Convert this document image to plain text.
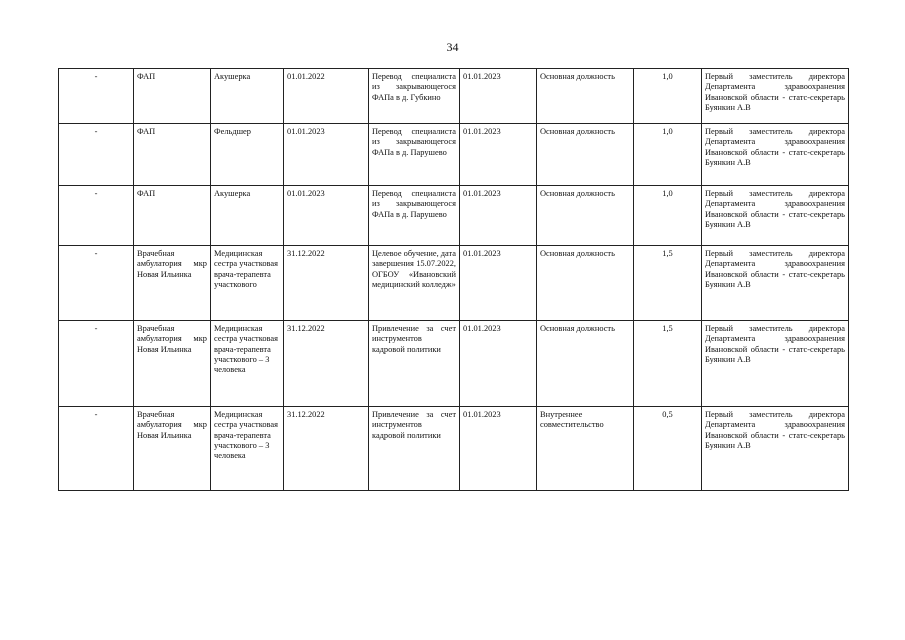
34
-	ФАП	Акушерка	01.01.2022	Перевод специалиста из закрывающегося ФАПа в д. Губкино	01.01.2023	Основная должность	1,0	Первый заместитель директора Департамента здравоохранения Ивановской области - статс-секретарь Буянкин А.В
-	ФАП	Фельдшер	01.01.2023	Перевод специалиста из закрывающегося ФАПа в д. Парушево	01.01.2023	Основная должность	1,0	Первый заместитель директора Департамента здравоохранения Ивановской области - статс-секретарь Буянкин А.В
-	ФАП	Акушерка	01.01.2023	Перевод специалиста из закрывающегося ФАПа в д. Парушево	01.01.2023	Основная должность	1,0	Первый заместитель директора Департамента здравоохранения Ивановской области - статс-секретарь Буянкин А.В
-	Врачебная амбулатория мкр Новая Ильинка	Медицинская сестра участковая врача-терапевта участкового	31.12.2022	Целевое обучение, дата завершения 15.07.2022, ОГБОУ «Ивановский медицинский колледж»	01.01.2023	Основная должность	1,5	Первый заместитель директора Департамента здравоохранения Ивановской области - статс-секретарь Буянкин А.В
-	Врачебная амбулатория мкр Новая Ильинка	Медицинская сестра участковая врача-терапевта участкового – 3 человека	31.12.2022	Привлечение за счет инструментов кадровой политики	01.01.2023	Основная должность	1,5	Первый заместитель директора Департамента здравоохранения Ивановской области - статс-секретарь Буянкин А.В
-	Врачебная амбулатория мкр Новая Ильинка	Медицинская сестра участковая врача-терапевта участкового – 3 человека	31.12.2022	Привлечение за счет инструментов кадровой политики	01.01.2023	Внутреннее совместительство	0,5	Первый заместитель директора Департамента здравоохранения Ивановской области - статс-секретарь Буянкин А.В
